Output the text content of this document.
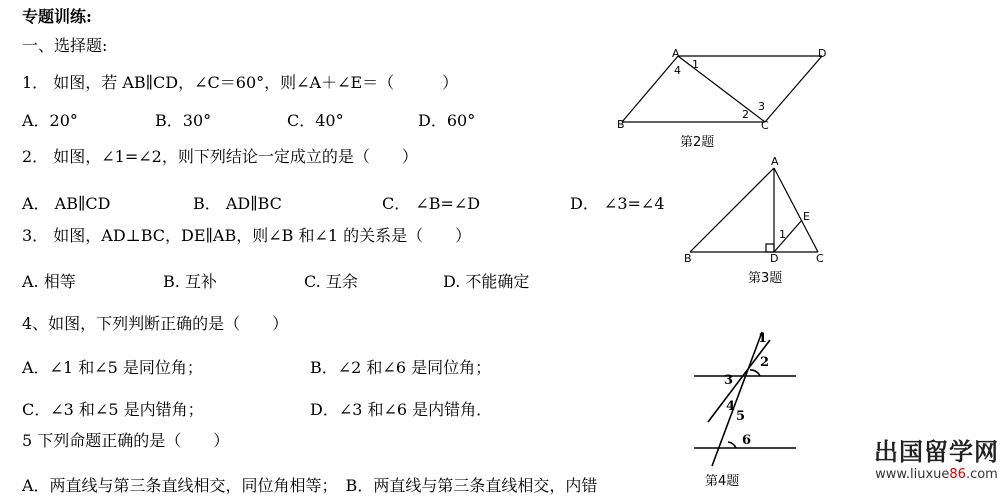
专题训练:
一、选择题:
1． 如图，若 AB∥CD，∠C＝60°，则∠A＋∠E＝（　　　）
A．20°	B．30°	C．40°	D．60°
2． 如图，∠1=∠2，则下列结论一定成立的是（　　）
A． AB∥CD	B． AD∥BC	C． ∠B=∠D	D． ∠3=∠4
3． 如图，AD⊥BC，DE∥AB，则∠B 和∠1 的关系是（　　）
A. 相等	B. 互补	C. 互余	D. 不能确定
4、如图，下列判断正确的是（　　）
A．∠1 和∠5 是同位角；	B．∠2 和∠6 是同位角；
C．∠3 和∠5 是内错角；	D．∠3 和∠6 是内错角．
5 下列命题正确的是（　　）
A．两直线与第三条直线相交，同位角相等；　B．两直线与第三条直线相交，内错
A	D
B	C
1
2
3
4
第2题
A
B	D	C
E
1
第3题
1
2
3
4
5
6
第4题
出国留学网
www.liuxue86.com
